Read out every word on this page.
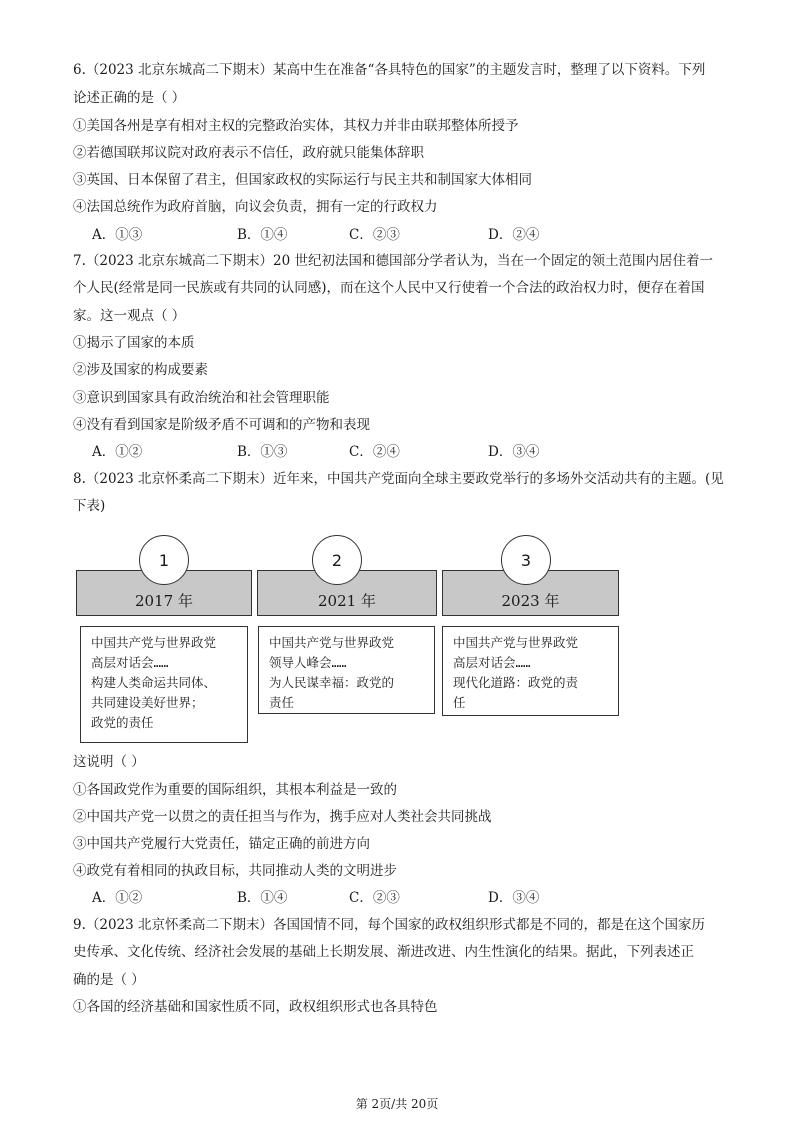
6.（2023 北京东城高二下期末）某高中生在准备“各具特色的国家”的主题发言时，整理了以下资料。下列
论述正确的是（ ）
①美国各州是享有相对主权的完整政治实体，其权力并非由联邦整体所授予
②若德国联邦议院对政府表示不信任，政府就只能集体辞职
③英国、日本保留了君主，但国家政权的实际运行与民主共和制国家大体相同
④法国总统作为政府首脑，向议会负责，拥有一定的行政权力
A．①③	B．①④	C．②③	D．②④
7.（2023 北京东城高二下期末）20 世纪初法国和德国部分学者认为，当在一个固定的领土范围内居住着一
个人民(经常是同一民族或有共同的认同感)，而在这个人民中又行使着一个合法的政治权力时，便存在着国
家。这一观点（ ）
①揭示了国家的本质
②涉及国家的构成要素
③意识到国家具有政治统治和社会管理职能
④没有看到国家是阶级矛盾不可调和的产物和表现
A．①②	B．①③	C．②④	D．③④
8.（2023 北京怀柔高二下期末）近年来，中国共产党面向全球主要政党举行的多场外交活动共有的主题。(见
下表)
2017 年
1
中国共产党与世界政党
高层对话会……
构建人类命运共同体、
共同建设美好世界；
政党的责任
2021 年
2
中国共产党与世界政党
领导人峰会……
为人民谋幸福：政党的
责任
2023 年
3
中国共产党与世界政党
高层对话会……
现代化道路：政党的责
任
这说明（ ）
①各国政党作为重要的国际组织，其根本利益是一致的
②中国共产党一以贯之的责任担当与作为，携手应对人类社会共同挑战
③中国共产党履行大党责任，锚定正确的前进方向
④政党有着相同的执政目标，共同推动人类的文明进步
A．①②	B．①④	C．②③	D．③④
9.（2023 北京怀柔高二下期末）各国国情不同，每个国家的政权组织形式都是不同的，都是在这个国家历
史传承、文化传统、经济社会发展的基础上长期发展、渐进改进、内生性演化的结果。据此，下列表述正
确的是（ ）
①各国的经济基础和国家性质不同，政权组织形式也各具特色
第 2页/共 20页
